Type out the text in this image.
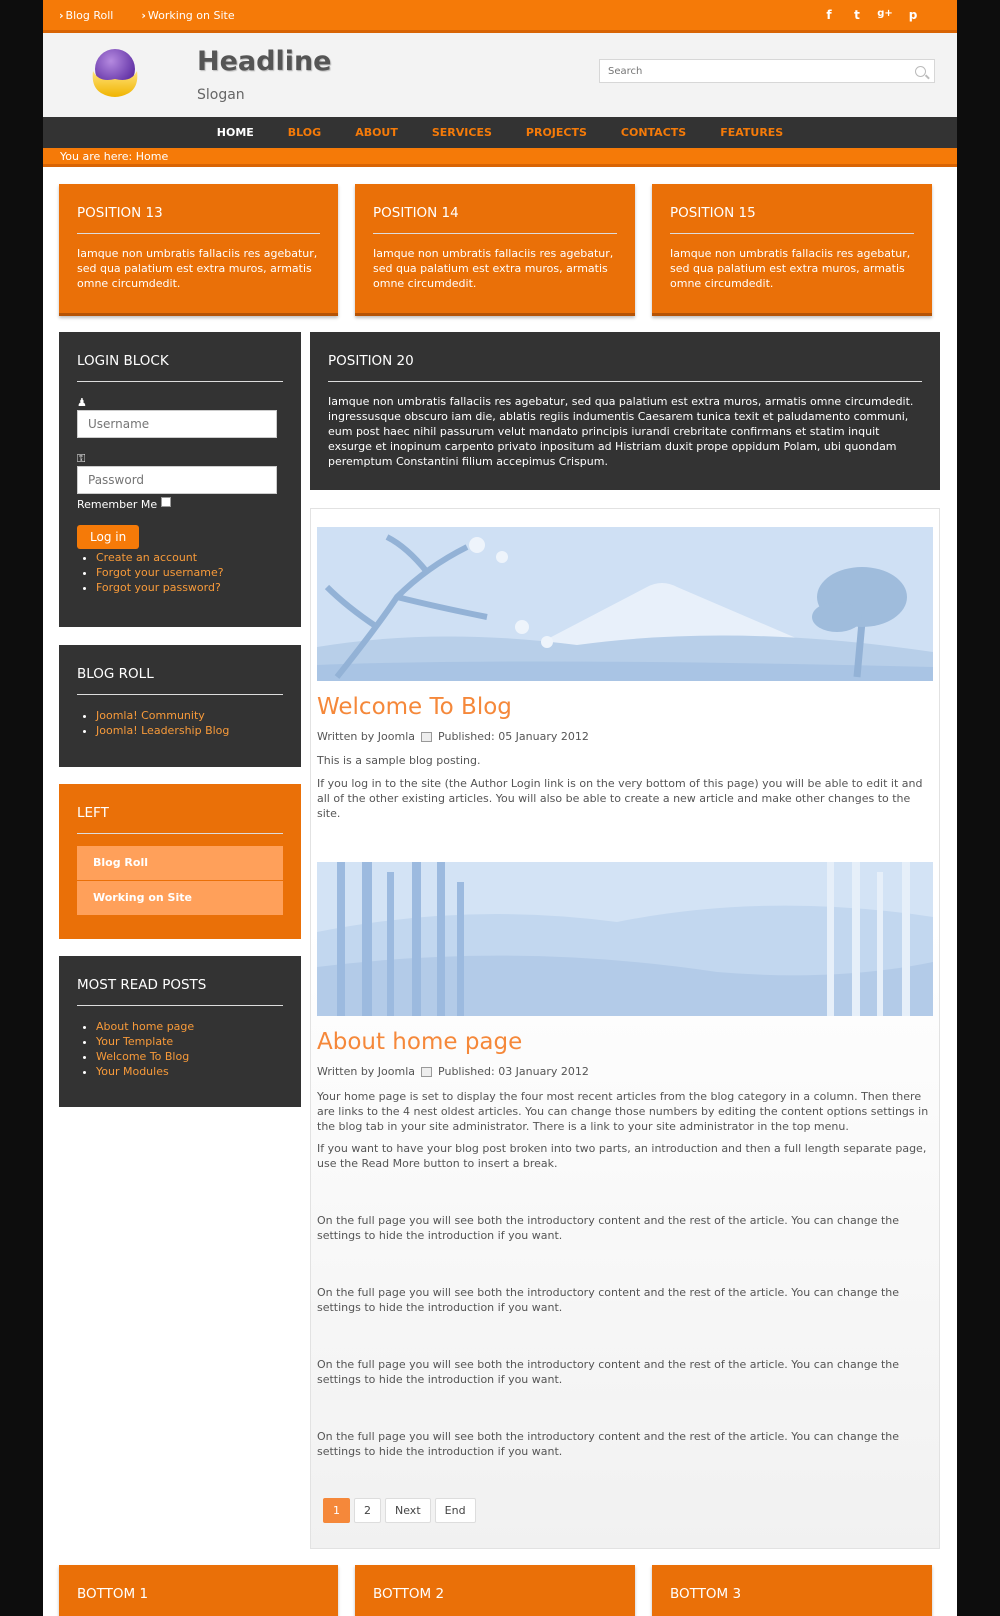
› Blog Roll	› Working on Site	f	t	g+	p
Headline
Slogan
Search
HOME	BLOG	ABOUT	SERVICES	PROJECTS	CONTACTS	FEATURES
You are here: Home
POSITION 13

Iamque non umbratis fallaciis res agebatur, sed qua palatium est extra muros, armatis omne circumdedit.

POSITION 14

Iamque non umbratis fallaciis res agebatur, sed qua palatium est extra muros, armatis omne circumdedit.

POSITION 15

Iamque non umbratis fallaciis res agebatur, sed qua palatium est extra muros, armatis omne circumdedit.

LOGIN BLOCK
♟
Username
⚿
Remember Me
Log in
• Create an account
• Forgot your username?
• Forgot your password?
BLOG ROLL
• Joomla! Community
• Joomla! Leadership Blog
LEFT
Blog Roll
Working on Site
MOST READ POSTS
• About home page
• Your Template
• Welcome To Blog
• Your Modules
POSITION 20

Iamque non umbratis fallaciis res agebatur, sed qua palatium est extra muros, armatis omne circumdedit. ingressusque obscuro iam die, ablatis regiis indumentis Caesarem tunica texit et paludamento communi, eum post haec nihil passurum velut mandato principis iurandi crebritate confirmans et statim inquit exsurge et inopinum carpento privato inpositum ad Histriam duxit prope oppidum Polam, ubi quondam peremptum Constantini filium accepimus Crispum.

Welcome To Blog
Written by Joomla Published: 05 January 2012
This is a sample blog posting.
If you log in to the site (the Author Login link is on the very bottom of this page) you will be able to edit it and all of the other existing articles. You will also be able to create a new article and make other changes to the site.
About home page
Written by Joomla Published: 03 January 2012
Your home page is set to display the four most recent articles from the blog category in a column. Then there are links to the 4 nest oldest articles. You can change those numbers by editing the content options settings in the blog tab in your site administrator. There is a link to your site administrator in the top menu.
If you want to have your blog post broken into two parts, an introduction and then a full length separate page, use the Read More button to insert a break.
On the full page you will see both the introductory content and the rest of the article. You can change the settings to hide the introduction if you want.
On the full page you will see both the introductory content and the rest of the article. You can change the settings to hide the introduction if you want.
On the full page you will see both the introductory content and the rest of the article. You can change the settings to hide the introduction if you want.
On the full page you will see both the introductory content and the rest of the article. You can change the settings to hide the introduction if you want.
1	2	Next	End
BOTTOM 1	BOTTOM 2	BOTTOM 3
